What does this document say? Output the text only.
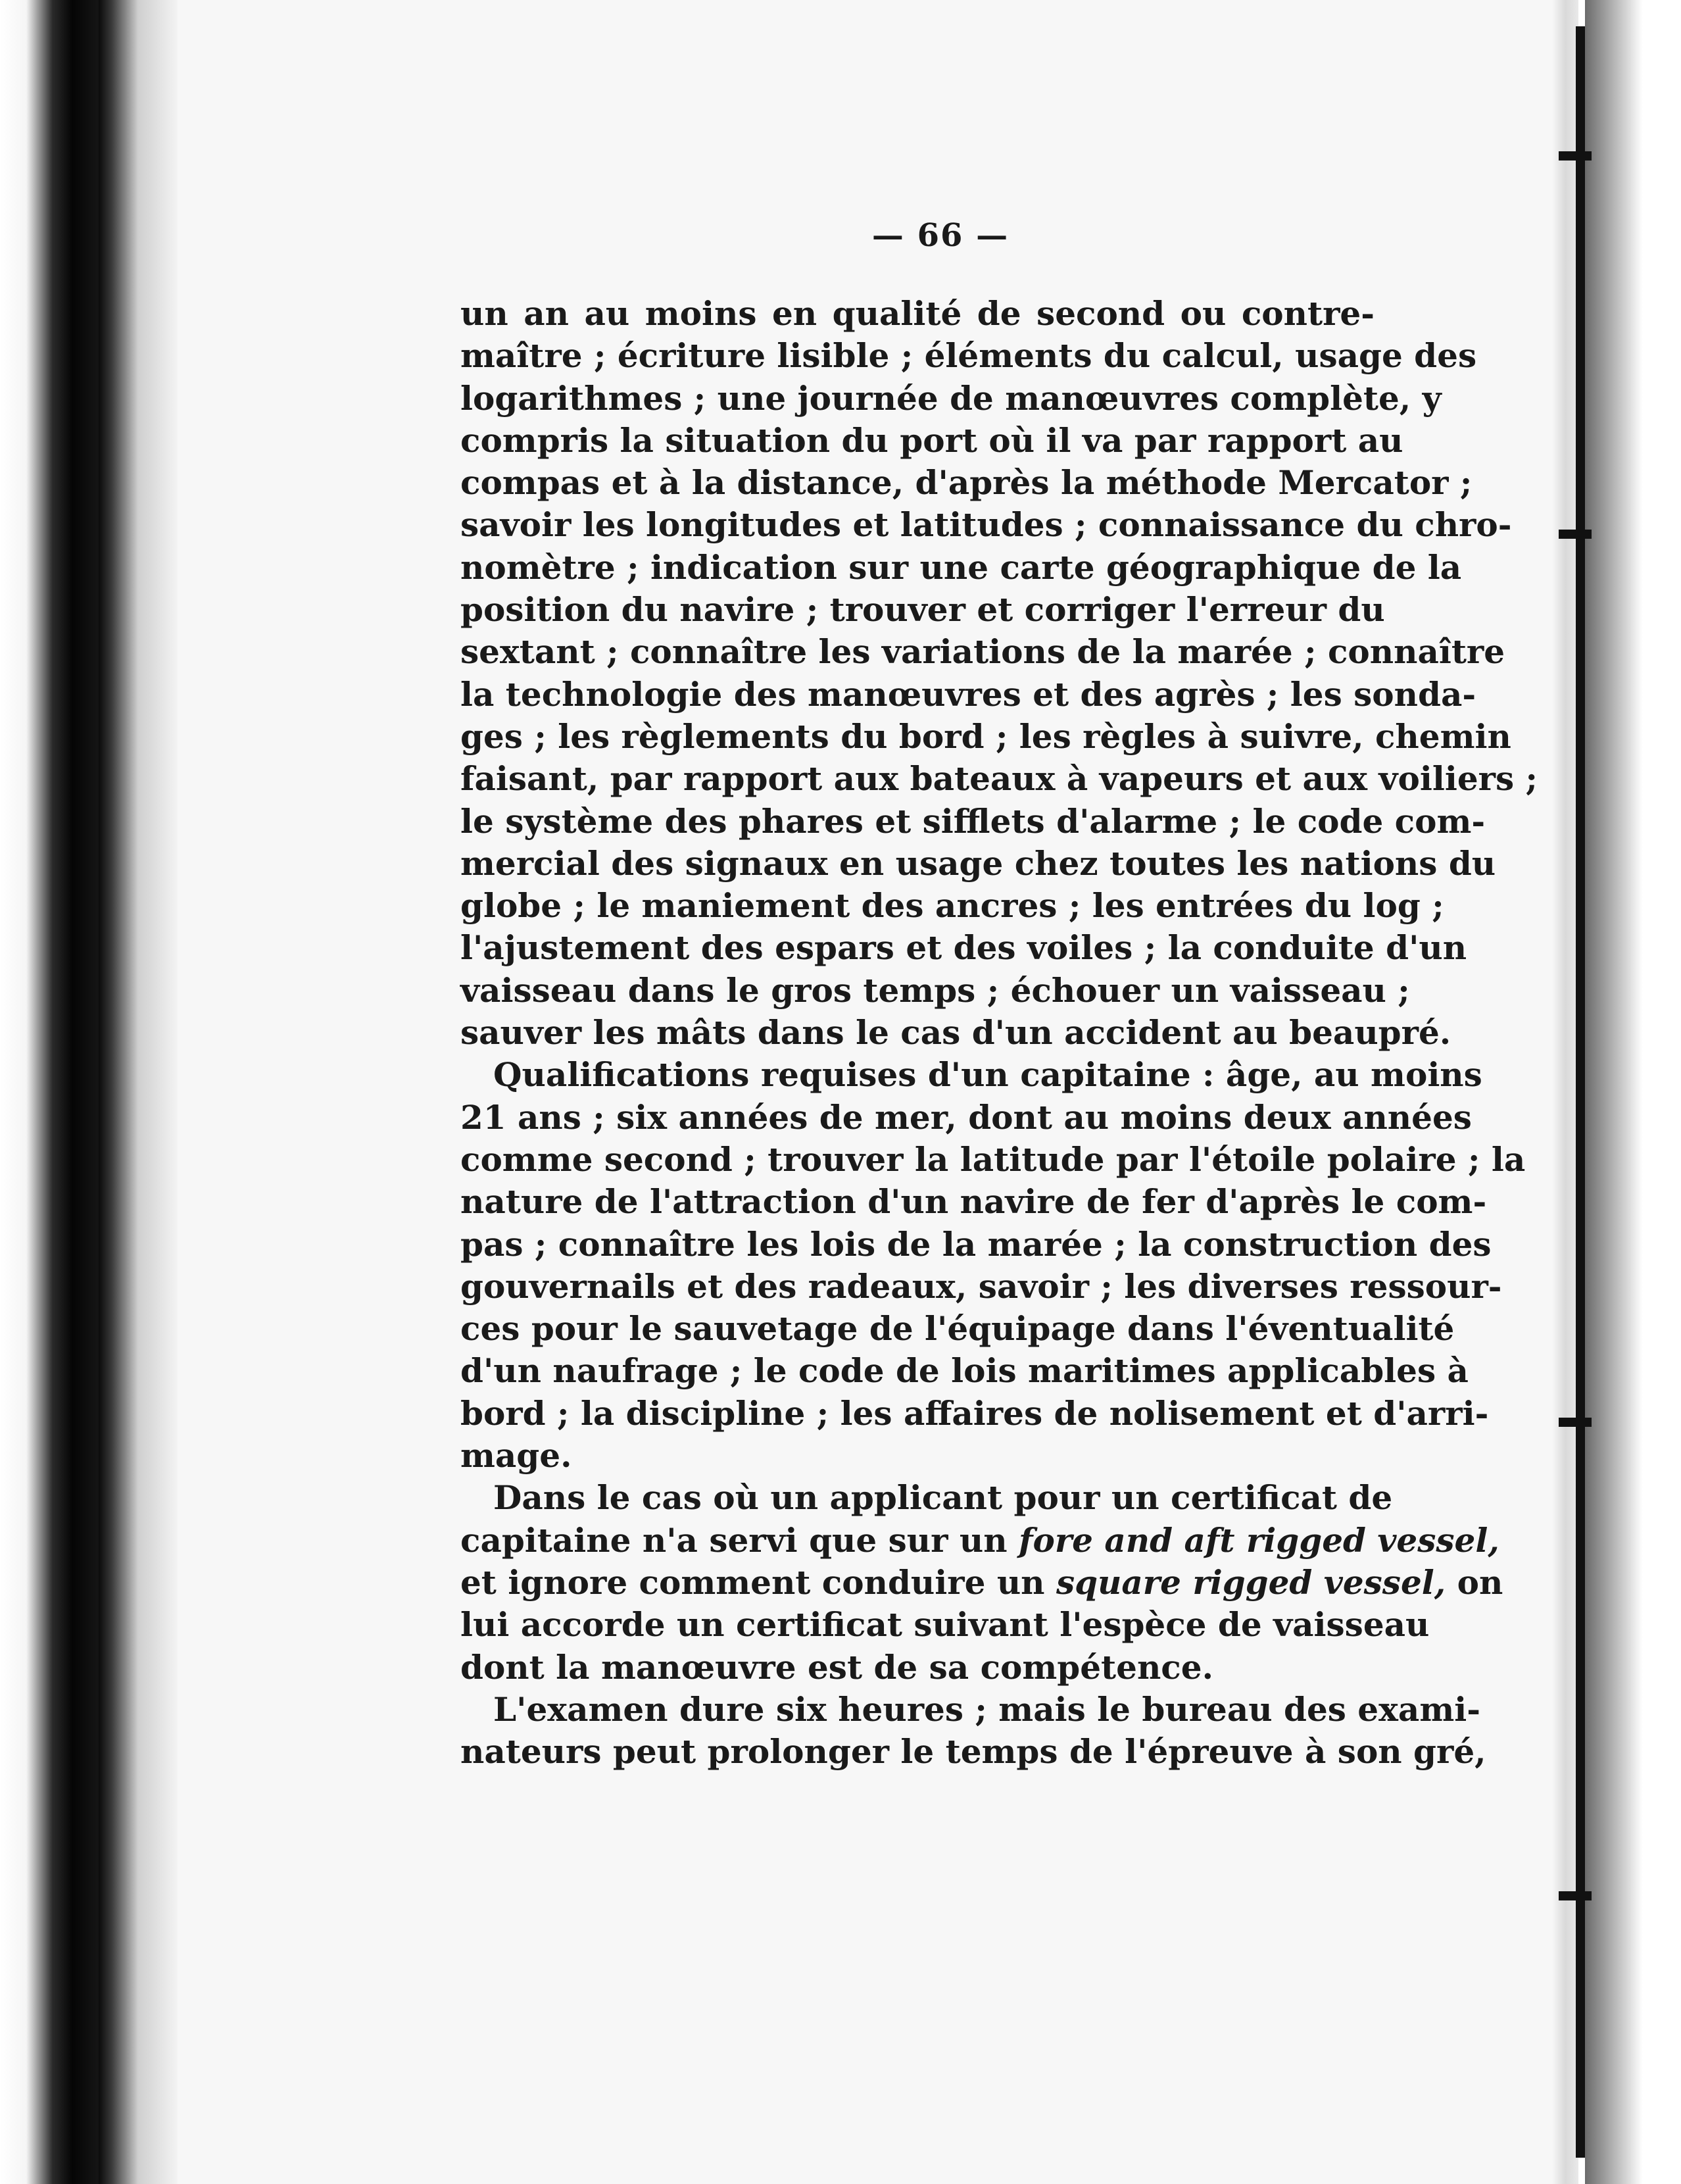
— 66 —
un an au moins en qualité de second ou contre-
maître ; écriture lisible ; éléments du calcul, usage des
logarithmes ; une journée de manœuvres complète, y
compris la situation du port où il va par rapport au
compas et à la distance, d'après la méthode Mercator ;
savoir les longitudes et latitudes ; connaissance du chro-
nomètre ; indication sur une carte géographique de la
position du navire ; trouver et corriger l'erreur du
sextant ; connaître les variations de la marée ; connaître
la technologie des manœuvres et des agrès ; les sonda-
ges ; les règlements du bord ; les règles à suivre, chemin
faisant, par rapport aux bateaux à vapeurs et aux voiliers ;
le système des phares et sifflets d'alarme ; le code com-
mercial des signaux en usage chez toutes les nations du
globe ; le maniement des ancres ; les entrées du log ;
l'ajustement des espars et des voiles ; la conduite d'un
vaisseau dans le gros temps ; échouer un vaisseau ;
sauver les mâts dans le cas d'un accident au beaupré.
Qualifications requises d'un capitaine : âge, au moins
21 ans ; six années de mer, dont au moins deux années
comme second ; trouver la latitude par l'étoile polaire ; la
nature de l'attraction d'un navire de fer d'après le com-
pas ; connaître les lois de la marée ; la construction des
gouvernails et des radeaux, savoir ; les diverses ressour-
ces pour le sauvetage de l'équipage dans l'éventualité
d'un naufrage ; le code de lois maritimes applicables à
bord ; la discipline ; les affaires de nolisement et d'arri-
mage.
Dans le cas où un applicant pour un certificat de
capitaine n'a servi que sur un fore and aft rigged vessel,
et ignore comment conduire un square rigged vessel, on
lui accorde un certificat suivant l'espèce de vaisseau
dont la manœuvre est de sa compétence.
L'examen dure six heures ; mais le bureau des exami-
nateurs peut prolonger le temps de l'épreuve à son gré,
